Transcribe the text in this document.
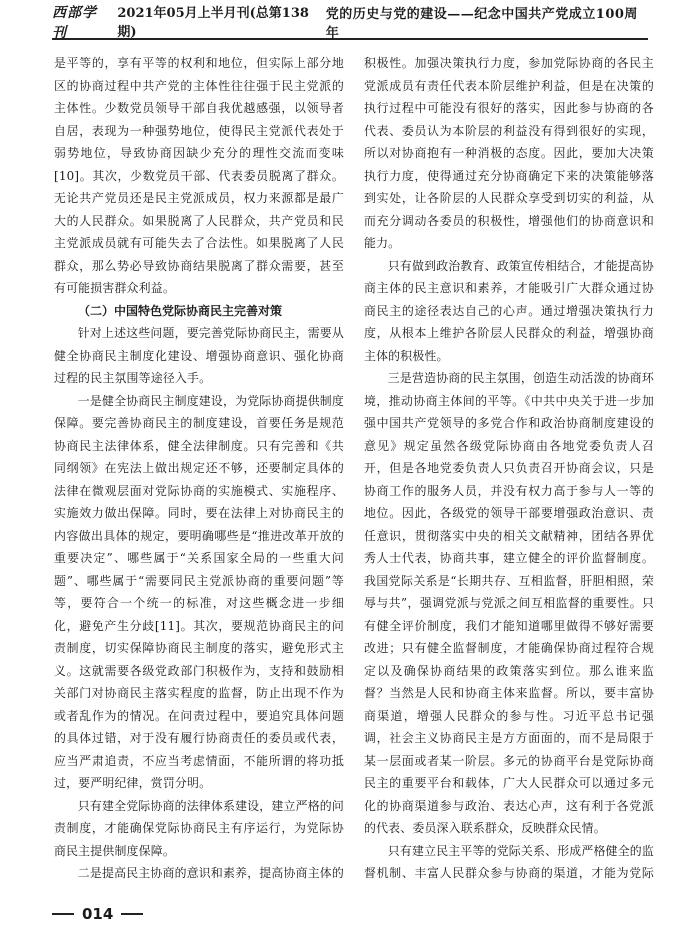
西部学刊
2021年05月上半月刊(总第138期)
党的历史与党的建设——纪念中国共产党成立100周年

是平等的，享有平等的权利和地位，但实际上部分地区的协商过程中共产党的主体性往往强于民主党派的主体性。少数党员领导干部自我优越感强，以领导者自居，表现为一种强势地位，使得民主党派代表处于弱势地位，导致协商因缺少充分的理性交流而变味[10]。其次，少数党员干部、代表委员脱离了群众。无论共产党员还是民主党派成员，权力来源都是最广大的人民群众。如果脱离了人民群众，共产党员和民主党派成员就有可能失去了合法性。如果脱离了人民群众，那么势必导致协商结果脱离了群众需要，甚至有可能损害群众利益。

（二）中国特色党际协商民主完善对策

针对上述这些问题，要完善党际协商民主，需要从健全协商民主制度化建设、增强协商意识、强化协商过程的民主氛围等途径入手。

一是健全协商民主制度建设，为党际协商提供制度保障。要完善协商民主的制度建设，首要任务是规范协商民主法律体系，健全法律制度。只有完善和《共同纲领》在宪法上做出规定还不够，还要制定具体的法律在微观层面对党际协商的实施模式、实施程序、实施效力做出保障。同时，要在法律上对协商民主的内容做出具体的规定，要明确哪些是“推进改革开放的重要决定”、哪些属于“关系国家全局的一些重大问题”、哪些属于“需要同民主党派协商的重要问题”等等，要符合一个统一的标准，对这些概念进一步细化，避免产生分歧[11]。其次，要规范协商民主的问责制度，切实保障协商民主制度的落实，避免形式主义。这就需要各级党政部门积极作为，支持和鼓励相关部门对协商民主落实程度的监督，防止出现不作为或者乱作为的情况。在问责过程中，要追究具体问题的具体过错，对于没有履行协商责任的委员或代表，应当严肃追责，不应当考虑情面，不能所谓的将功抵过，要严明纪律，赏罚分明。

只有建全党际协商的法律体系建设，建立严格的问责制度，才能确保党际协商民主有序运行，为党际协商民主提供制度保障。

二是提高民主协商的意识和素养，提高协商主体的

积极性。加强决策执行力度，参加党际协商的各民主党派成员有责任代表本阶层维护利益，但是在决策的执行过程中可能没有很好的落实，因此参与协商的各代表、委员认为本阶层的利益没有得到很好的实现，所以对协商抱有一种消极的态度。因此，要加大决策执行力度，使得通过充分协商确定下来的决策能够落到实处，让各阶层的人民群众享受到切实的利益，从而充分调动各委员的积极性，增强他们的协商意识和能力。

只有做到政治教育、政策宣传相结合，才能提高协商主体的民主意识和素养，才能吸引广大群众通过协商民主的途径表达自己的心声。通过增强决策执行力度，从根本上维护各阶层人民群众的利益，增强协商主体的积极性。

三是营造协商的民主氛围，创造生动活泼的协商环境，推动协商主体间的平等。《中共中央关于进一步加强中国共产党领导的多党合作和政治协商制度建设的意见》规定虽然各级党际协商由各地党委负责人召开，但是各地党委负责人只负责召开协商会议，只是协商工作的服务人员，并没有权力高于参与人一等的地位。因此，各级党的领导干部要增强政治意识、责任意识，贯彻落实中央的相关文献精神，团结各界优秀人士代表，协商共事，建立健全的评价监督制度。我国党际关系是“长期共存、互相监督，肝胆相照，荣辱与共”，强调党派与党派之间互相监督的重要性。只有健全评价制度，我们才能知道哪里做得不够好需要改进；只有健全监督制度，才能确保协商过程符合规定以及确保协商结果的政策落实到位。那么谁来监督？当然是人民和协商主体来监督。所以，要丰富协商渠道，增强人民群众的参与性。习近平总书记强调，社会主义协商民主是方方面面的，而不是局限于某一层面或者某一阶层。多元的协商平台是党际协商民主的重要平台和载体，广大人民群众可以通过多元化的协商渠道参与政治、表达心声，这有利于各党派的代表、委员深入联系群众，反映群众民情。

只有建立民主平等的党际关系、形成严格健全的监督机制、丰富人民群众参与协商的渠道，才能为党际

014
